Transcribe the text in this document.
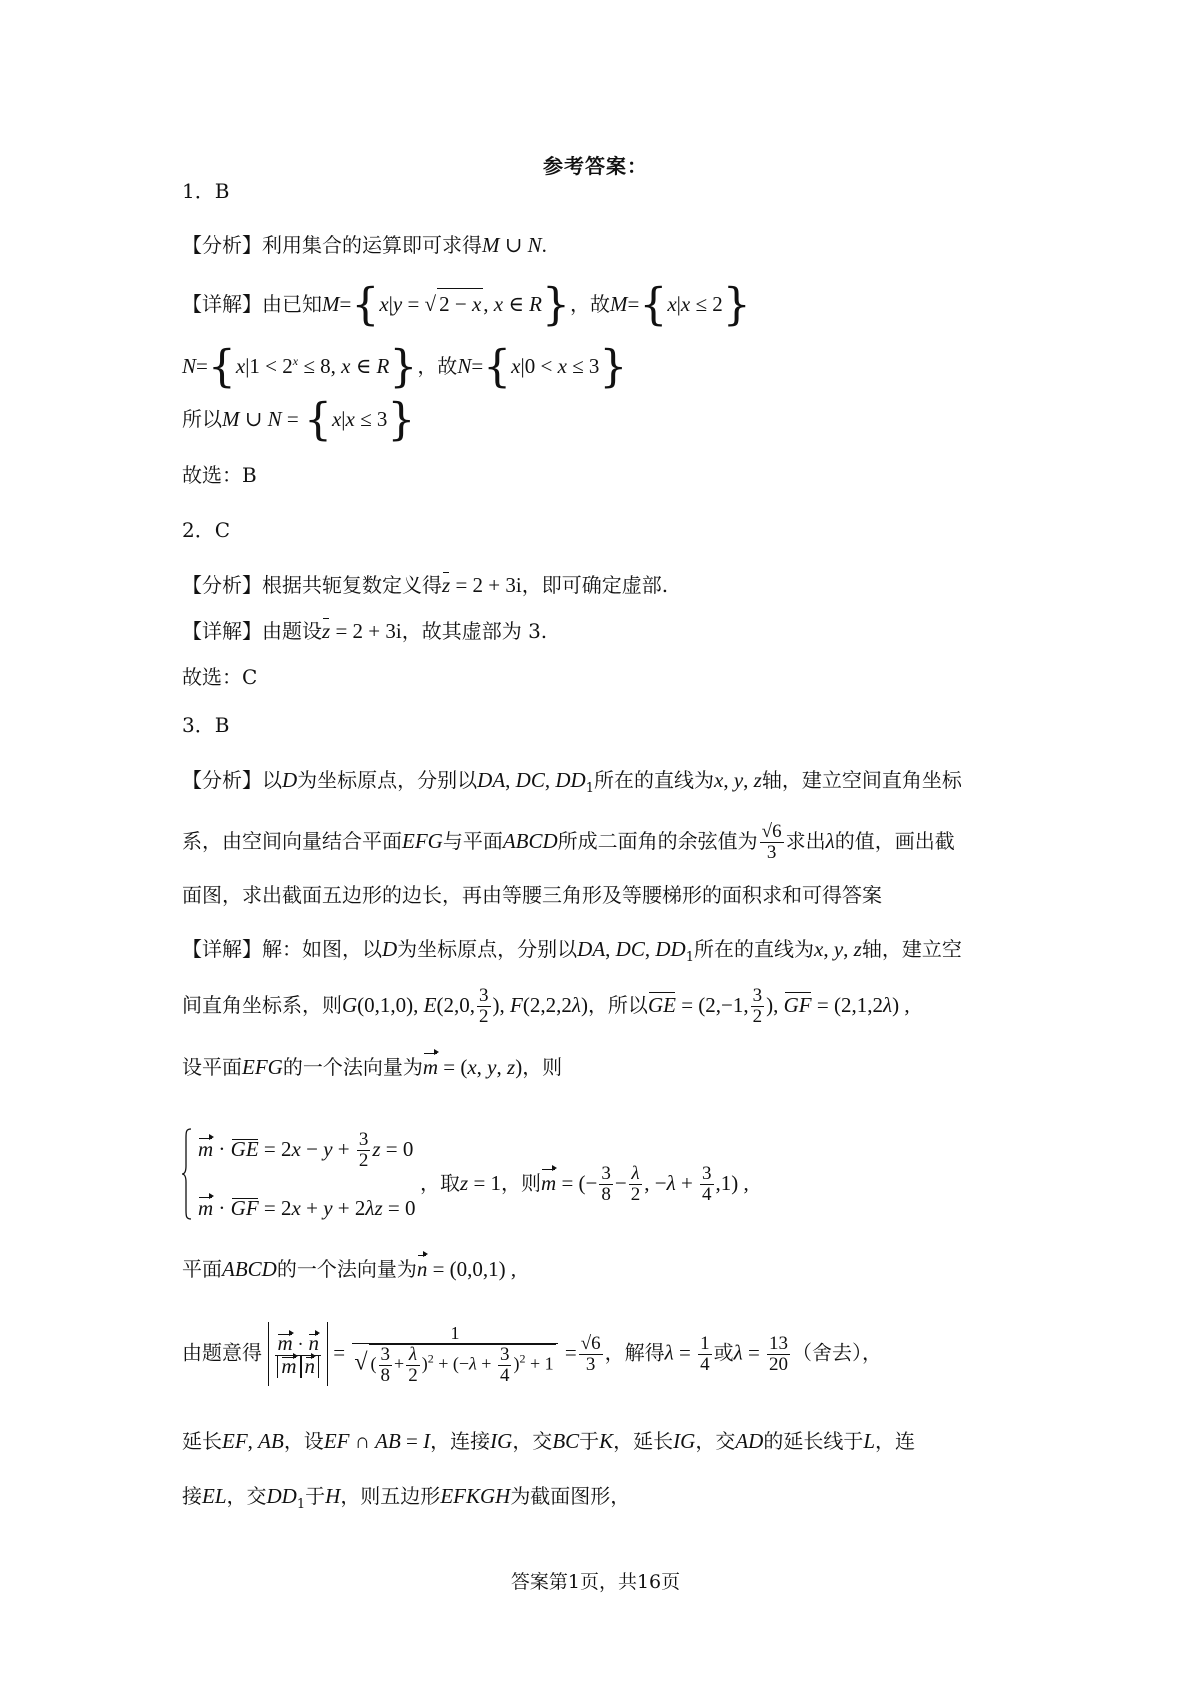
参考答案：
1．B
【分析】利用集合的运算即可求得M ∪ N.
【详解】由已知M={x|y = √ 2 − x, x ∈ R}，故M={x|x ≤ 2}
$N=\{x|1 < 2^x \le 8$, x ∈ R}，故N={x|0 < x ≤ 3}
所以M ∪ N = {x|x ≤ 3}
故选：B
2．C
【分析】根据共轭复数定义得z = 2 + 3i，即可确定虚部.
【详解】由题设z = 2 + 3i，故其虚部为 3.
故选：C
3．B
【分析】以D为坐标原点，分别以DA, DC, $DD_1$所在的直线为x, y, z轴，建立空间直角坐标
系，由空间向量结合平面EFG与平面ABCD所成二面角的余弦值为 $\frac{√6}{3}$ 求出λ的值，画出截
面图，求出截面五边形的边长，再由等腰三角形及等腰梯形的面积求和可得答案
【详解】解：如图，以D为坐标原点，分别以DA, DC, $DD_1$所在的直线为x, y, z轴，建立空
间直角坐标系，则G(0,1,0), E(2,0, $\frac{3}{2}$ ), F(2,2,2λ)，所以GE = (2,−1, $\frac{3}{2}$ ), GF = (2,1,2λ) ,
设平面EFG的一个法向量为m = (x, y, z)，则
m · GE = $2x - y + \frac{3}{2}$ z = 0
m · GF = 2x + y + 2λz = 0
，取z = 1，则m = (− $\frac{3}{8} - \frac{\lambda}{2}$ , $-\lambda + \frac{3}{4} ,1$) ,
平面ABCD的一个法向量为n = (0,0,1) ,
由题意得 $\frac{m \cdot n}{\text{m n}} = \frac{1}{√ ( \frac{3}{8} + \frac{\lambda}{2} )^2 + (-\lambda + \frac{3}{4} )^2 + 1} = \frac{√6}{3}$ ，解得$\lambda = \frac{1}{4}$ 或$\lambda = \frac{13}{20}$ （舍去），
延长EF, AB，设EF ∩ AB = I，连接IG，交BC于K，延长IG，交AD的延长线于L，连
接EL，交$DD_1$于H，则五边形EFKGH为截面图形，
答案第1页，共16页
